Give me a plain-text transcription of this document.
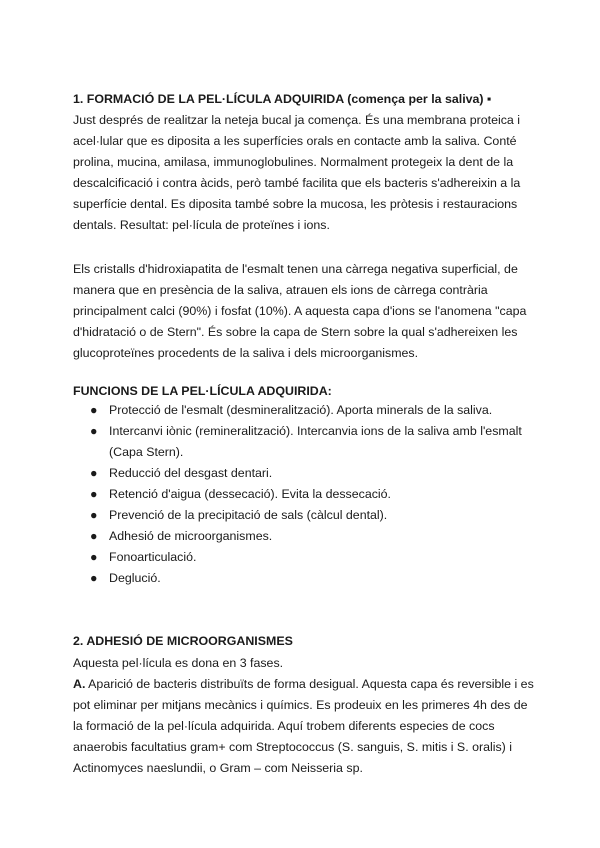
1. FORMACIÓ DE LA PEL·LÍCULA ADQUIRIDA (comença per la saliva) ▪
Just després de realitzar la neteja bucal ja comença. És una membrana proteica i
acel·lular que es diposita a les superfícies orals en contacte amb la saliva. Conté
prolina, mucina, amilasa, immunoglobulines. Normalment protegeix la dent de la
descalcificació i contra àcids, però també facilita que els bacteris s'adhereixin a la
superfície dental. Es diposita també sobre la mucosa, les pròtesis i restauracions
dentals. Resultat: pel·lícula de proteïnes i ions.
Els cristalls d'hidroxiapatita de l'esmalt tenen una càrrega negativa superficial, de
manera que en presència de la saliva, atrauen els ions de càrrega contrària
principalment calci (90%) i fosfat (10%). A aquesta capa d'ions se l'anomena "capa
d'hidratació o de Stern". És sobre la capa de Stern sobre la qual s'adhereixen les
glucoproteïnes procedents de la saliva i dels microorganismes.
FUNCIONS DE LA PEL·LÍCULA ADQUIRIDA:
● Protecció de l'esmalt (desmineralització). Aporta minerals de la saliva.
● Intercanvi iònic (remineralització). Intercanvia ions de la saliva amb l'esmalt
(Capa Stern).
● Reducció del desgast dentari.
● Retenció d'aigua (dessecació). Evita la dessecació.
● Prevenció de la precipitació de sals (càlcul dental).
● Adhesió de microorganismes.
● Fonoarticulació.
● Deglució.
2. ADHESIÓ DE MICROORGANISMES
Aquesta pel·lícula es dona en 3 fases.
A. Aparició de bacteris distribuïts de forma desigual. Aquesta capa és reversible i es
pot eliminar per mitjans mecànics i químics. Es prodeuix en les primeres 4h des de
la formació de la pel·lícula adquirida. Aquí trobem diferents especies de cocs
anaerobis facultatius gram+ com Streptococcus (S. sanguis, S. mitis i S. oralis) i
Actinomyces naeslundii, o Gram – com Neisseria sp.
